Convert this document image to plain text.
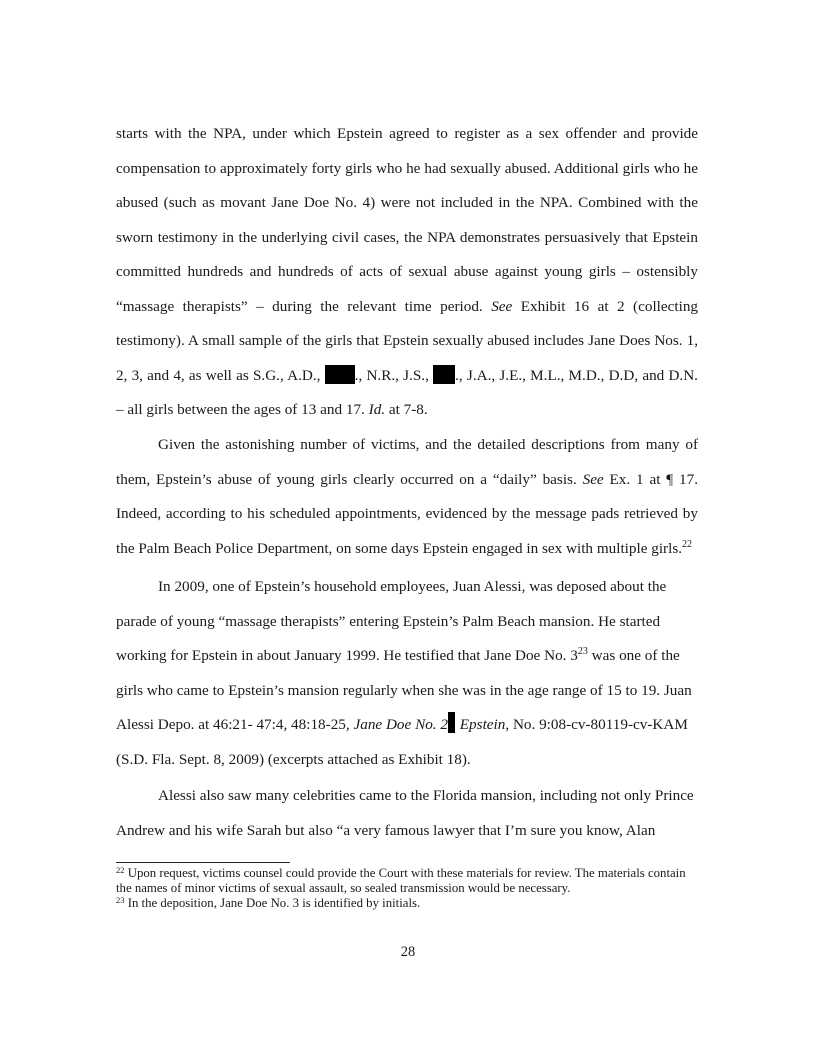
starts with the NPA, under which Epstein agreed to register as a sex offender and provide compensation to approximately forty girls who he had sexually abused. Additional girls who he abused (such as movant Jane Doe No. 4) were not included in the NPA. Combined with the sworn testimony in the underlying civil cases, the NPA demonstrates persuasively that Epstein committed hundreds and hundreds of acts of sexual abuse against young girls – ostensibly “massage therapists” – during the relevant time period. See Exhibit 16 at 2 (collecting testimony). A small sample of the girls that Epstein sexually abused includes Jane Does Nos. 1, 2, 3, and 4, as well as S.G., A.D., ., N.R., J.S., ., J.A., J.E., M.L., M.D., D.D, and D.N. – all girls between the ages of 13 and 17. Id. at 7-8.

Given the astonishing number of victims, and the detailed descriptions from many of them, Epstein’s abuse of young girls clearly occurred on a “daily” basis. See Ex. 1 at ¶ 17. Indeed, according to his scheduled appointments, evidenced by the message pads retrieved by the Palm Beach Police Department, on some days Epstein engaged in sex with multiple girls.$^{22}$

In 2009, one of Epstein’s household employees, Juan Alessi, was deposed about the parade of young “massage therapists” entering Epstein’s Palm Beach mansion. He started working for Epstein in about January 1999. He testified that Jane Doe No. $3^{23}$ was one of the girls who came to Epstein’s mansion regularly when she was in the age range of 15 to 19. Juan Alessi Depo. at 46:21- 47:4, 48:18-25, Jane Doe No. 2 Epstein, No. 9:08-cv-80119-cv-KAM (S.D. Fla. Sept. 8, 2009) (excerpts attached as Exhibit 18).

Alessi also saw many celebrities came to the Florida mansion, including not only Prince Andrew and his wife Sarah but also “a very famous lawyer that I’m sure you know, Alan

$^{22}$ Upon request, victims counsel could provide the Court with these materials for review. The materials contain the names of minor victims of sexual assault, so sealed transmission would be necessary.
$^{23}$ In the deposition, Jane Doe No. 3 is identified by initials.
28
